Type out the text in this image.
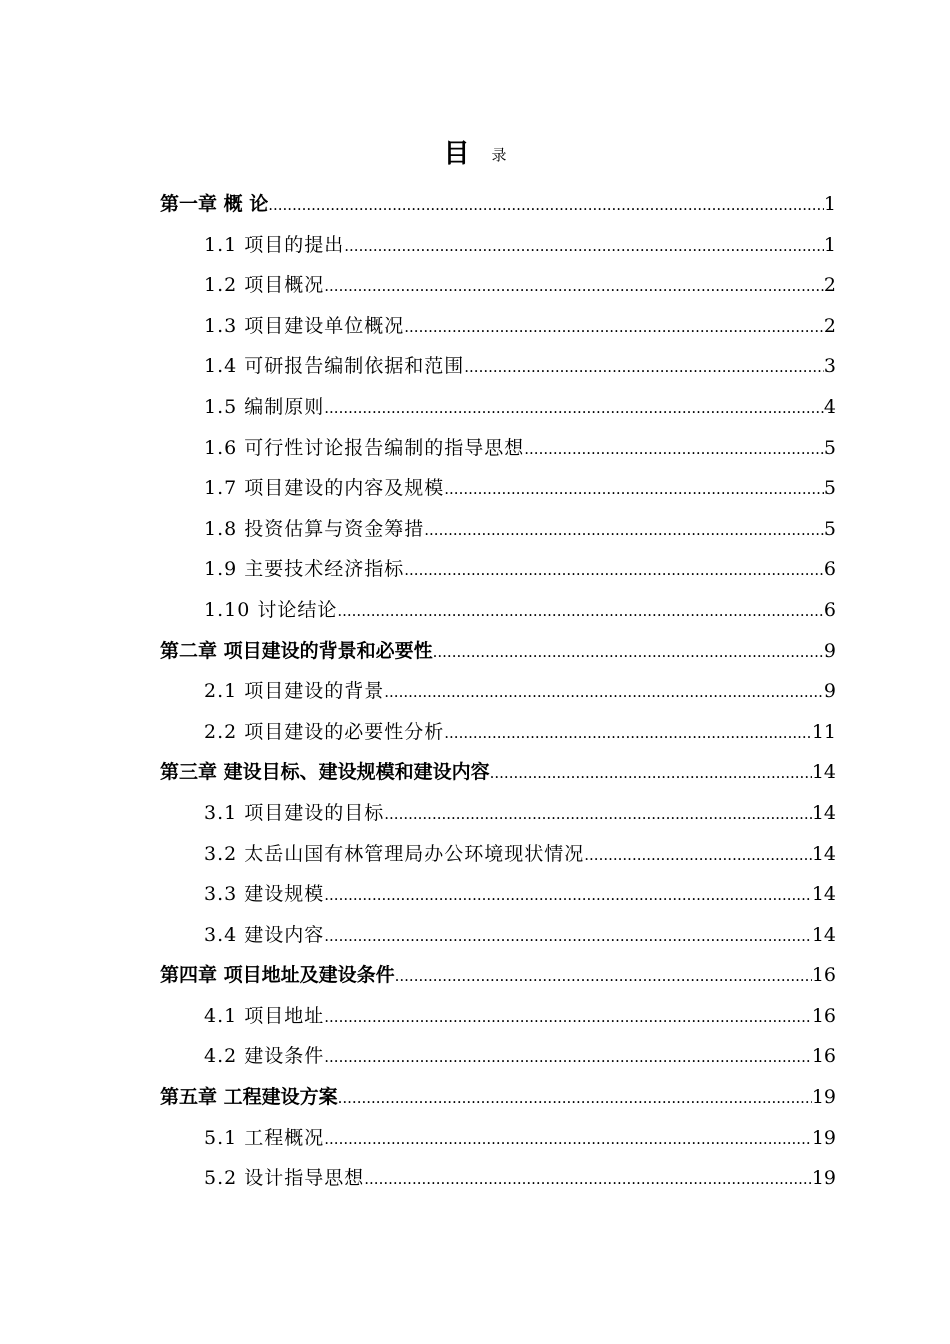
目 录
第一章 概 论 .....	1
1.1 项目的提出 .....	1
1.2 项目概况 .....	2
1.3 项目建设单位概况 .....	2
1.4 可研报告编制依据和范围 .....	3
1.5 编制原则 .....	4
1.6 可行性讨论报告编制的指导思想 .....	5
1.7 项目建设的内容及规模 .....	5
1.8 投资估算与资金筹措 .....	5
1.9 主要技术经济指标 .....	6
1.10 讨论结论 .....	6
第二章 项目建设的背景和必要性 .....	9
2.1 项目建设的背景 .....	9
2.2 项目建设的必要性分析 .....	11
第三章 建设目标、建设规模和建设内容 .....	14
3.1 项目建设的目标 .....	14
3.2 太岳山国有林管理局办公环境现状情况 .....	14
3.3 建设规模 .....	14
3.4 建设内容 .....	14
第四章 项目地址及建设条件 .....	16
4.1 项目地址 .....	16
4.2 建设条件 .....	16
第五章 工程建设方案 .....	19
5.1 工程概况 .....	19
5.2 设计指导思想 .....	19
